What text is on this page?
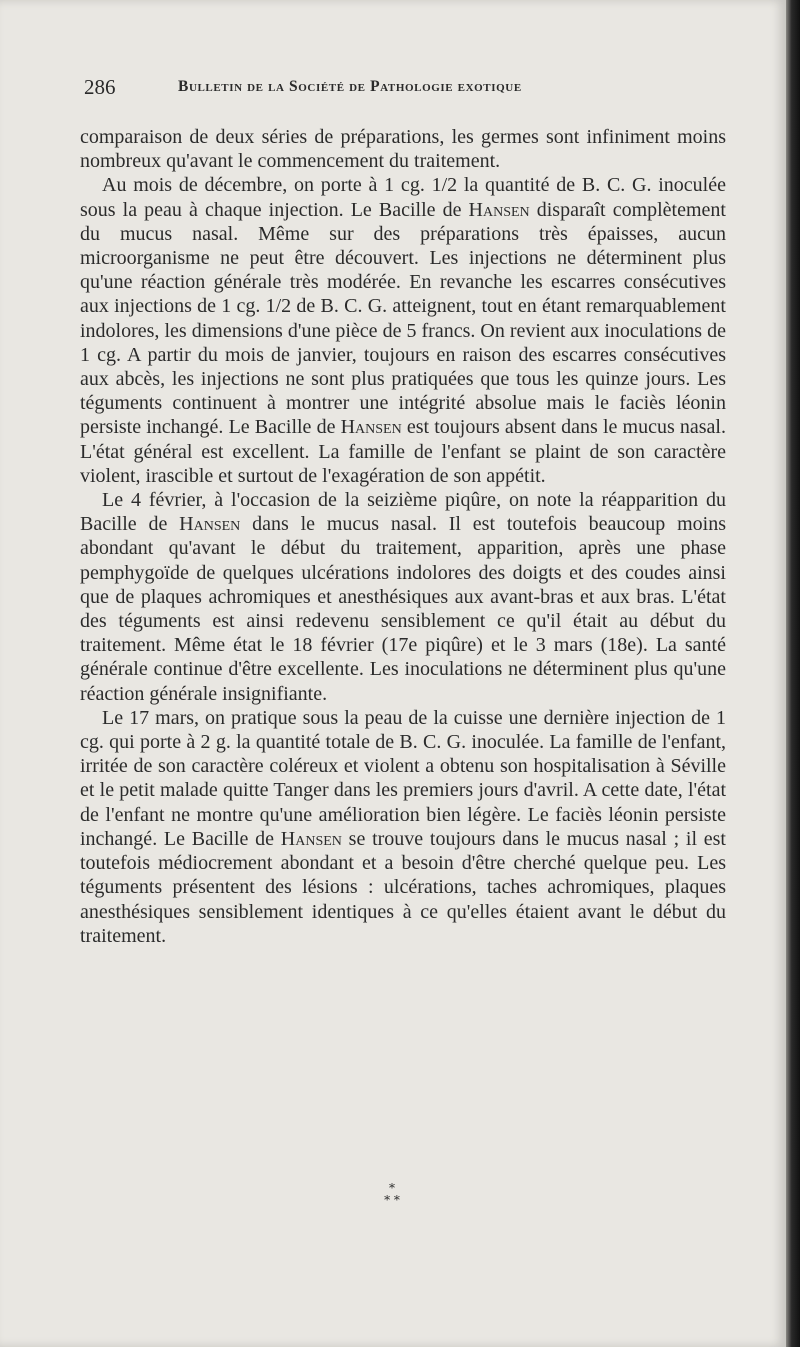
286	Bulletin de la Société de Pathologie exotique

comparaison de deux séries de préparations, les germes sont infiniment moins nombreux qu'avant le commencement du traitement.

Au mois de décembre, on porte à 1 cg. 1/2 la quantité de B. C. G. inoculée sous la peau à chaque injection. Le Bacille de Hansen disparaît complètement du mucus nasal. Même sur des préparations très épaisses, aucun microorganisme ne peut être découvert. Les injections ne déterminent plus qu'une réaction générale très modérée. En revanche les escarres consécutives aux injections de 1 cg. 1/2 de B. C. G. atteignent, tout en étant remarquablement indolores, les dimensions d'une pièce de 5 francs. On revient aux inoculations de 1 cg. A partir du mois de janvier, toujours en raison des escarres consécutives aux abcès, les injections ne sont plus pratiquées que tous les quinze jours. Les téguments continuent à montrer une intégrité absolue mais le faciès léonin persiste inchangé. Le Bacille de Hansen est toujours absent dans le mucus nasal. L'état général est excellent. La famille de l'enfant se plaint de son caractère violent, irascible et surtout de l'exagération de son appétit.

Le 4 février, à l'occasion de la seizième piqûre, on note la réapparition du Bacille de Hansen dans le mucus nasal. Il est toutefois beaucoup moins abondant qu'avant le début du traitement, apparition, après une phase pemphygoïde de quelques ulcérations indolores des doigts et des coudes ainsi que de plaques achromiques et anesthésiques aux avant-bras et aux bras. L'état des téguments est ainsi redevenu sensiblement ce qu'il était au début du traitement. Même état le 18 février (17e piqûre) et le 3 mars (18e). La santé générale continue d'être excellente. Les inoculations ne déterminent plus qu'une réaction générale insignifiante.

Le 17 mars, on pratique sous la peau de la cuisse une dernière injection de 1 cg. qui porte à 2 g. la quantité totale de B. C. G. inoculée. La famille de l'enfant, irritée de son caractère coléreux et violent a obtenu son hospitalisation à Séville et le petit malade quitte Tanger dans les premiers jours d'avril. A cette date, l'état de l'enfant ne montre qu'une amélioration bien légère. Le faciès léonin persiste inchangé. Le Bacille de Hansen se trouve toujours dans le mucus nasal ; il est toutefois médiocrement abondant et a besoin d'être cherché quelque peu. Les téguments présentent des lésions : ulcérations, taches achromiques, plaques anesthésiques sensiblement identiques à ce qu'elles étaient avant le début du traitement.

*
* *
